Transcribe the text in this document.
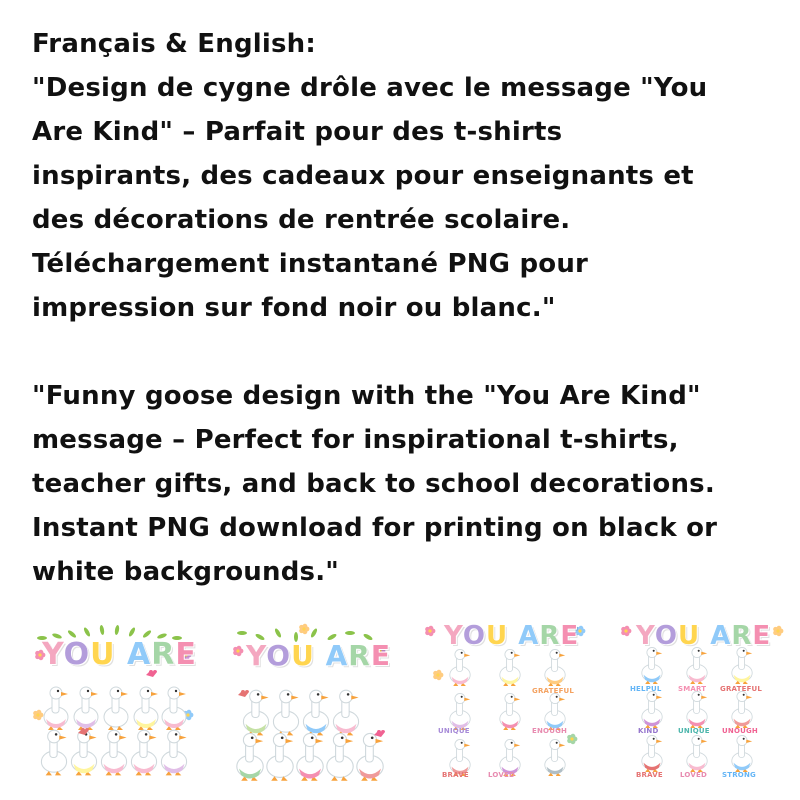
Français & English:

"Design de cygne drôle avec le message "You
Are Kind" – Parfait pour des t-shirts
inspirants, des cadeaux pour enseignants et
des décorations de rentrée scolaire.
Téléchargement instantané PNG pour
impression sur fond noir ou blanc."

"Funny goose design with the "You Are Kind"
message – Perfect for inspirational t-shirts,
teacher gifts, and back to school decorations.
Instant PNG download for printing on black or
white backgrounds."

YOU ARE YOU ARE
YOU ARE
GRATEFUL
UNIQUE	ENOUGH
BRAVE	LOVED
YOU ARE
HELPUL SMART GRATEFUL
KIND	UNIQUE UNOUGH
BRAVE LOVED STRONG
